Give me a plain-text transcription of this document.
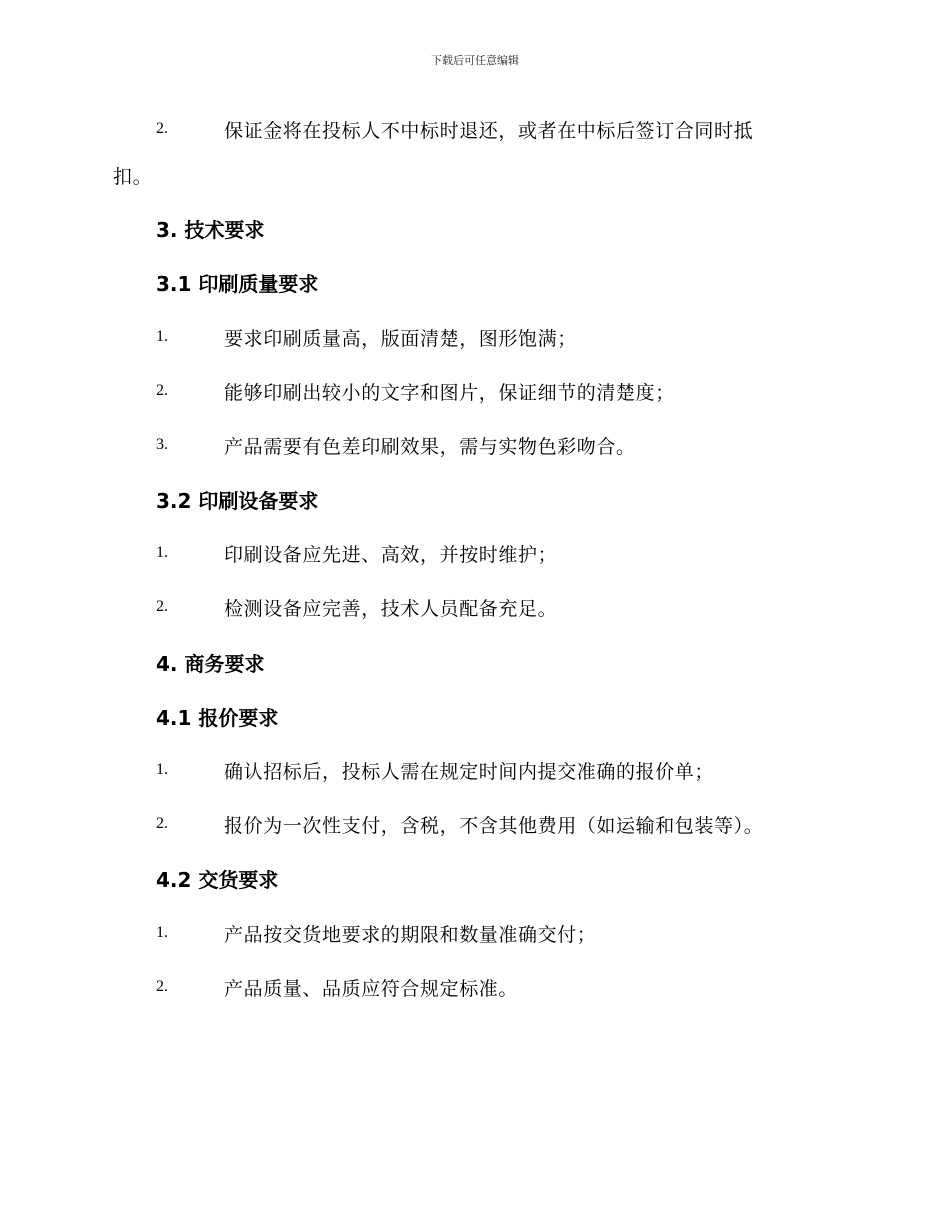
下载后可任意编辑
2.	保证金将在投标人不中标时退还，或者在中标后签订合同时抵
扣。
3. 技术要求
3.1 印刷质量要求
1.	要求印刷质量高，版面清楚，图形饱满；
2.	能够印刷出较小的文字和图片，保证细节的清楚度；
3.	产品需要有色差印刷效果，需与实物色彩吻合。
3.2 印刷设备要求
1.	印刷设备应先进、高效，并按时维护；
2.	检测设备应完善，技术人员配备充足。
4. 商务要求
4.1 报价要求
1.	确认招标后，投标人需在规定时间内提交准确的报价单；
2.	报价为一次性支付，含税，不含其他费用（如运输和包装等）。
4.2 交货要求
1.	产品按交货地要求的期限和数量准确交付；
2.	产品质量、品质应符合规定标准。
